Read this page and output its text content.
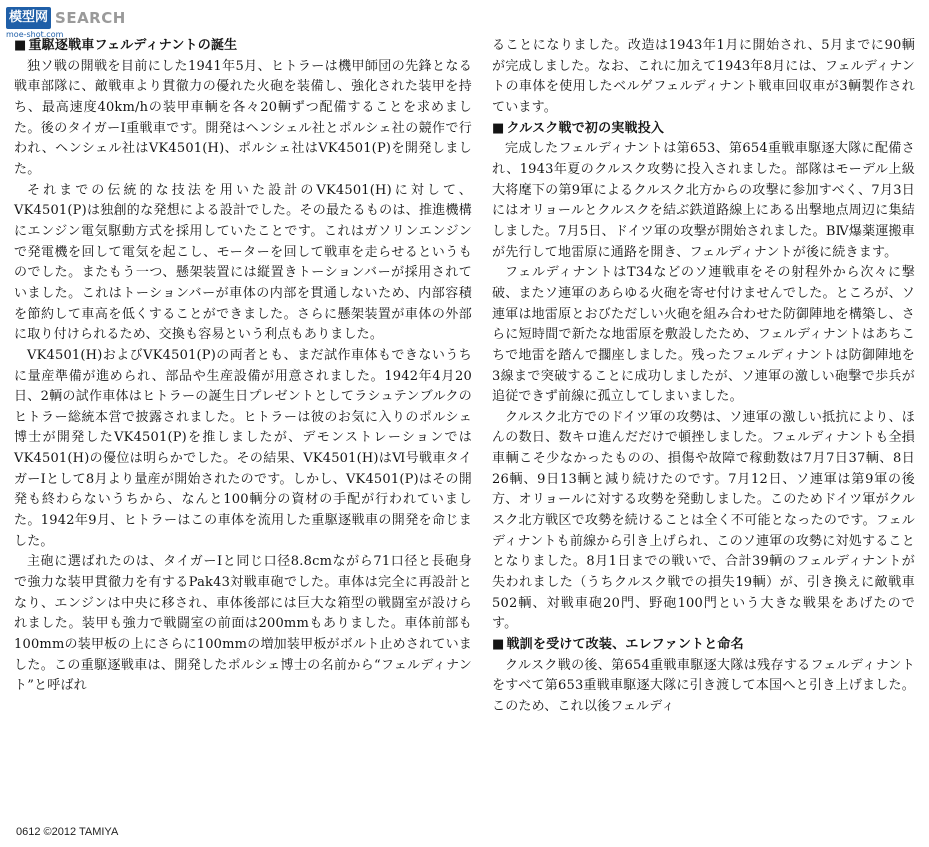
模型网 SEARCH
moe-shot.com

■ 重駆逐戦車フェルディナントの誕生

独ソ戦の開戦を目前にした1941年5月、ヒトラーは機甲師団の先鋒となる戦車部隊に、敵戦車より貫徹力の優れた火砲を装備し、強化された装甲を持ち、最高速度40km/hの装甲車輌を各々20輌ずつ配備することを求めました。後のタイガーⅠ重戦車です。開発はヘンシェル社とポルシェ社の競作で行われ、ヘンシェル社はVK4501(H)、ポルシェ社はVK4501(P)を開発しました。

それまでの伝統的な技法を用いた設計のVK4501(H)に対して、VK4501(P)は独創的な発想による設計でした。その最たるものは、推進機構にエンジン電気駆動方式を採用していたことです。これはガソリンエンジンで発電機を回して電気を起こし、モーターを回して戦車を走らせるというものでした。またもう一つ、懸架装置には縦置きトーションバーが採用されていました。これはトーションバーが車体の内部を貫通しないため、内部容積を節約して車高を低くすることができました。さらに懸架装置が車体の外部に取り付けられるため、交換も容易という利点もありました。

VK4501(H)およびVK4501(P)の両者とも、まだ試作車体もできないうちに量産準備が進められ、部品や生産設備が用意されました。1942年4月20日、2輌の試作車体はヒトラーの誕生日プレゼントとしてラシュテンブルクのヒトラー総統本営で披露されました。ヒトラーは彼のお気に入りのポルシェ博士が開発したVK4501(P)を推しましたが、デモンストレーションではVK4501(H)の優位は明らかでした。その結果、VK4501(H)はⅥ号戦車タイガーⅠとして8月より量産が開始されたのです。しかし、VK4501(P)はその開発も終わらないうちから、なんと100輌分の資材の手配が行われていました。1942年9月、ヒトラーはこの車体を流用した重駆逐戦車の開発を命じました。

主砲に選ばれたのは、タイガーⅠと同じ口径8.8cmながら71口径と長砲身で強力な装甲貫徹力を有するPak43対戦車砲でした。車体は完全に再設計となり、エンジンは中央に移され、車体後部には巨大な箱型の戦闘室が設けられました。装甲も強力で戦闘室の前面は200mmもありました。車体前部も100mmの装甲板の上にさらに100mmの増加装甲板がボルト止めされていました。この重駆逐戦車は、開発したポルシェ博士の名前から“フェルディナント”と呼ばれ

ることになりました。改造は1943年1月に開始され、5月までに90輌が完成しました。なお、これに加えて1943年8月には、フェルディナントの車体を使用したベルゲフェルディナント戦車回収車が3輌製作されています。

■ クルスク戦で初の実戦投入

完成したフェルディナントは第653、第654重戦車駆逐大隊に配備され、1943年夏のクルスク攻勢に投入されました。部隊はモーデル上級大将麾下の第9軍によるクルスク北方からの攻撃に参加すべく、7月3日にはオリョールとクルスクを結ぶ鉄道路線上にある出撃地点周辺に集結しました。7月5日、ドイツ軍の攻撃が開始されました。BⅣ爆薬運搬車が先行して地雷原に通路を開き、フェルディナントが後に続きます。

フェルディナントはT34などのソ連戦車をその射程外から次々に撃破、またソ連軍のあらゆる火砲を寄せ付けませんでした。ところが、ソ連軍は地雷原とおびただしい火砲を組み合わせた防御陣地を構築し、さらに短時間で新たな地雷原を敷設したため、フェルディナントはあちこちで地雷を踏んで擱座しました。残ったフェルディナントは防御陣地を3線まで突破することに成功しましたが、ソ連軍の激しい砲撃で歩兵が追従できず前線に孤立してしまいました。

クルスク北方でのドイツ軍の攻勢は、ソ連軍の激しい抵抗により、ほんの数日、数キロ進んだだけで頓挫しました。フェルディナントも全損車輌こそ少なかったものの、損傷や故障で稼動数は7月7日37輌、8日26輌、9日13輌と減り続けたのです。7月12日、ソ連軍は第9軍の後方、オリョールに対する攻勢を発動しました。このためドイツ軍がクルスク北方戦区で攻勢を続けることは全く不可能となったのです。フェルディナントも前線から引き上げられ、このソ連軍の攻勢に対処することとなりました。8月1日までの戦いで、合計39輌のフェルディナントが失われました（うちクルスク戦での損失19輌）が、引き換えに敵戦車502輌、対戦車砲20門、野砲100門という大きな戦果をあげたのです。

■ 戦訓を受けて改装、エレファントと命名

クルスク戦の後、第654重戦車駆逐大隊は残存するフェルディナントをすべて第653重戦車駆逐大隊に引き渡して本国へと引き上げました。このため、これ以後フェルディ

0612 ©2012 TAMIYA
